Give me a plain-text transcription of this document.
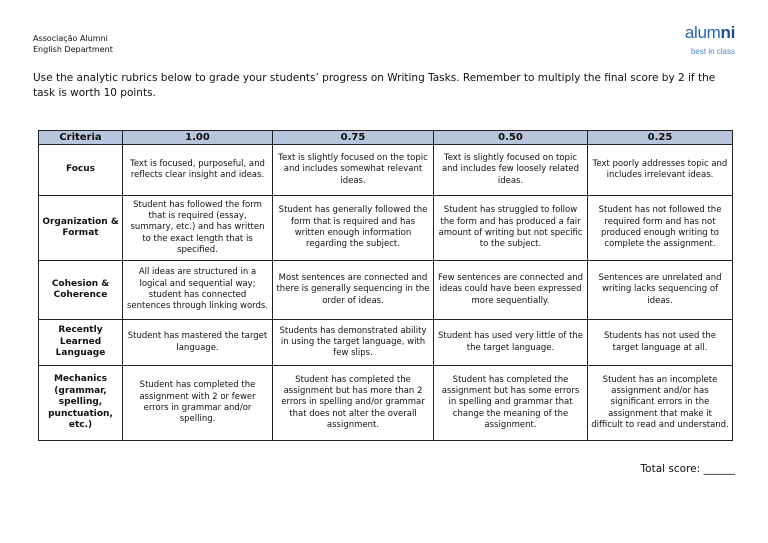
Associação Alumni
English Department
alumni
best in class
Use the analytic rubrics below to grade your students’ progress on Writing Tasks. Remember to multiply the final score by 2 if the task is worth 10 points.
Criteria	1.00	0.75	0.50	0.25
Focus	Text is focused, purposeful, and reflects clear insight and ideas.	Text is slightly focused on the topic and includes somewhat relevant ideas.	Text is slightly focused on topic and includes few loosely related ideas.	Text poorly addresses topic and includes irrelevant ideas.
Organization & Format	Student has followed the form that is required (essay, summary, etc.) and has written to the exact length that is specified.	Student has generally followed the form that is required and has written enough information regarding the subject.	Student has struggled to follow the form and has produced a fair amount of writing but not specific to the subject.	Student has not followed the required form and has not produced enough writing to complete the assignment.
Cohesion & Coherence	All ideas are structured in a logical and sequential way; student has connected sentences through linking words.	Most sentences are connected and there is generally sequencing in the order of ideas.	Few sentences are connected and ideas could have been expressed more sequentially.	Sentences are unrelated and writing lacks sequencing of ideas.
Recently Learned Language	Student has mastered the target language.	Students has demonstrated ability in using the target language, with few slips.	Student has used very little of the the target language.	Students has not used the target language at all.
Mechanics (grammar, spelling, punctuation, etc.)	Student has completed the assignment with 2 or fewer errors in grammar and/or spelling.	Student has completed the assignment but has more than 2 errors in spelling and/or grammar that does not alter the overall assignment.	Student has completed the assignment but has some errors in spelling and grammar that change the meaning of the assignment.	Student has an incomplete assignment and/or has significant errors in the assignment that make it difficult to read and understand.
Total score: ______
